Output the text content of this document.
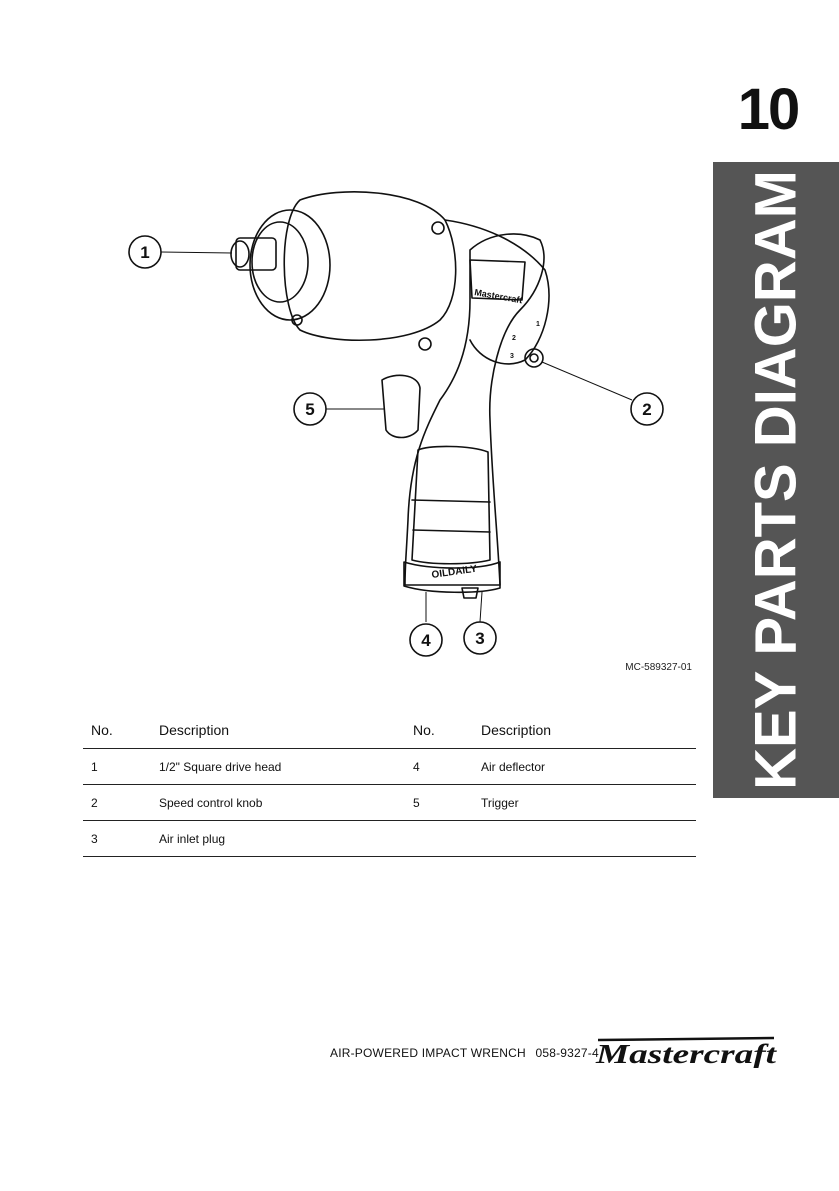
10
KEY PARTS DIAGRAM
Mastercraft
OILDAILY
1
2
3
1
2
3
4
5
MC-589327-01
No.	Description	No.	Description
1	1/2" Square drive head	4	Air deflector
2	Speed control knob	5	Trigger
3	Air inlet plug		
AIR-POWERED IMPACT WRENCH 058-9327-4
Mastercraft
